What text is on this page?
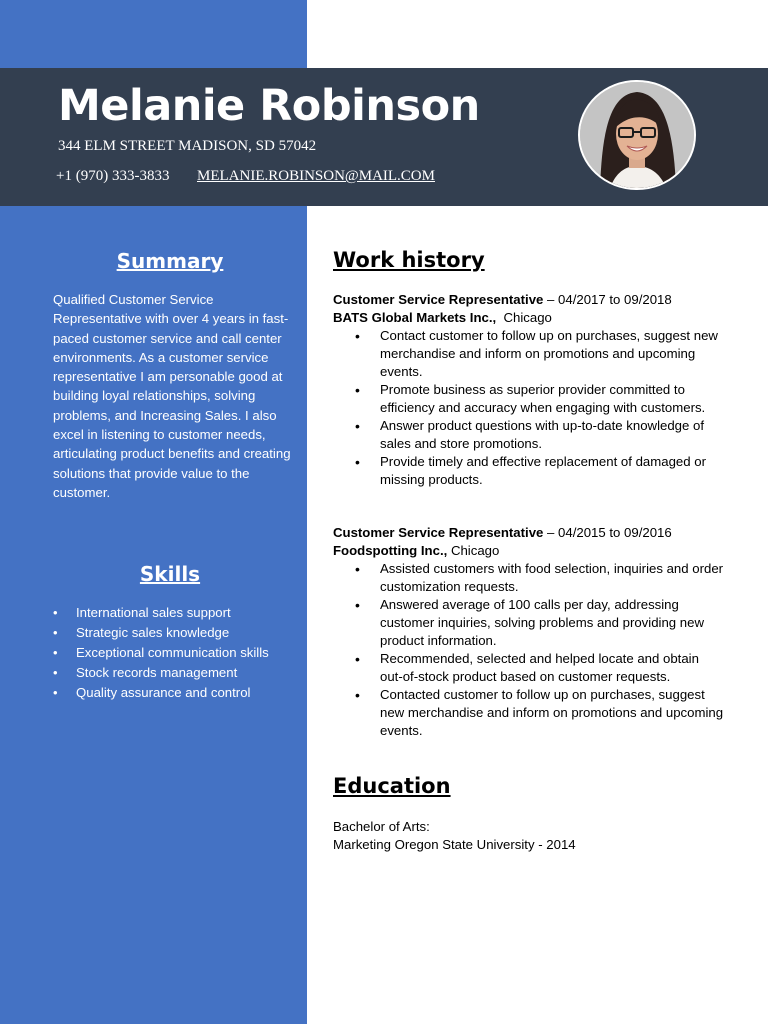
Melanie Robinson
344 ELM STREET MADISON, SD 57042
+1 (970) 333-3833 MELANIE.ROBINSON@MAIL.COM
Summary

Qualified Customer Service Representative with over 4 years in fast-paced customer service and call center environments. As a customer service representative I am personable good at building loyal relationships, solving problems, and Increasing Sales. I also excel in listening to customer needs, articulating product benefits and creating solutions that provide value to the customer.

Skills
• International sales support
• Strategic sales knowledge
• Exceptional communication skills
• Stock records management
• Quality assurance and control
Work history

Customer Service Representative – 04/2017 to 09/2018

BATS Global Markets Inc.,  Chicago

• Contact customer to follow up on purchases, suggest new merchandise and inform on promotions and upcoming events.
• Promote business as superior provider committed to efficiency and accuracy when engaging with customers.
• Answer product questions with up-to-date knowledge of sales and store promotions.
• Provide timely and effective replacement of damaged or missing products.

Customer Service Representative – 04/2015 to 09/2016

Foodspotting Inc., Chicago

• Assisted customers with food selection, inquiries and order customization requests.
• Answered average of 100 calls per day, addressing customer inquiries, solving problems and providing new product information.
• Recommended, selected and helped locate and obtain out-of-stock product based on customer requests.
• Contacted customer to follow up on purchases, suggest new merchandise and inform on promotions and upcoming events.
Education

Bachelor of Arts:

Marketing Oregon State University - 2014
